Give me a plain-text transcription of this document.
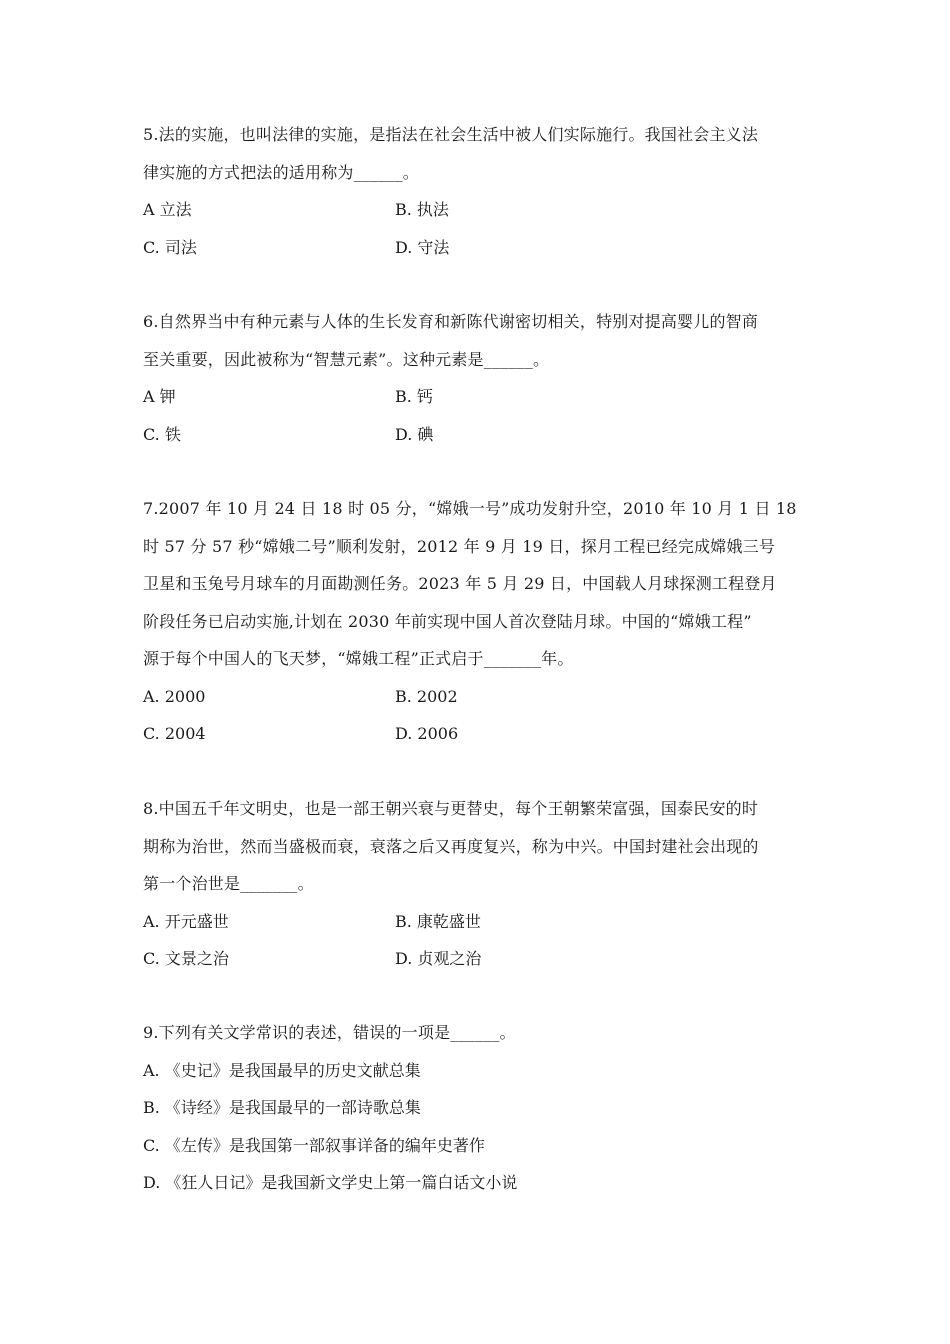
5.法的实施，也叫法律的实施，是指法在社会生活中被人们实际施行。我国社会主义法
律实施的方式把法的适用称为______。
A 立法	B. 执法
C. 司法	D. 守法
6.自然界当中有种元素与人体的生长发育和新陈代谢密切相关，特别对提高婴儿的智商
至关重要，因此被称为“智慧元素”。这种元素是______。
A 钾	B. 钙
C. 铁	D. 碘
7.2007 年 10 月 24 日 18 时 05 分，“嫦娥一号”成功发射升空，2010 年 10 月 1 日 18
时 57 分 57 秒“嫦娥二号”顺利发射，2012 年 9 月 19 日，探月工程已经完成嫦娥三号
卫星和玉兔号月球车的月面勘测任务。2023 年 5 月 29 日，中国载人月球探测工程登月
阶段任务已启动实施,计划在 2030 年前实现中国人首次登陆月球。中国的“嫦娥工程”
源于每个中国人的飞天梦，“嫦娥工程”正式启于_______年。
A. 2000	B. 2002
C. 2004	D. 2006
8.中国五千年文明史，也是一部王朝兴衰与更替史，每个王朝繁荣富强，国泰民安的时
期称为治世，然而当盛极而衰，衰落之后又再度复兴，称为中兴。中国封建社会出现的
第一个治世是_______。
A. 开元盛世	B. 康乾盛世
C. 文景之治	D. 贞观之治
9.下列有关文学常识的表述，错误的一项是______。
A. 《史记》是我国最早的历史文献总集
B. 《诗经》是我国最早的一部诗歌总集
C. 《左传》是我国第一部叙事详备的编年史著作
D. 《狂人日记》是我国新文学史上第一篇白话文小说
